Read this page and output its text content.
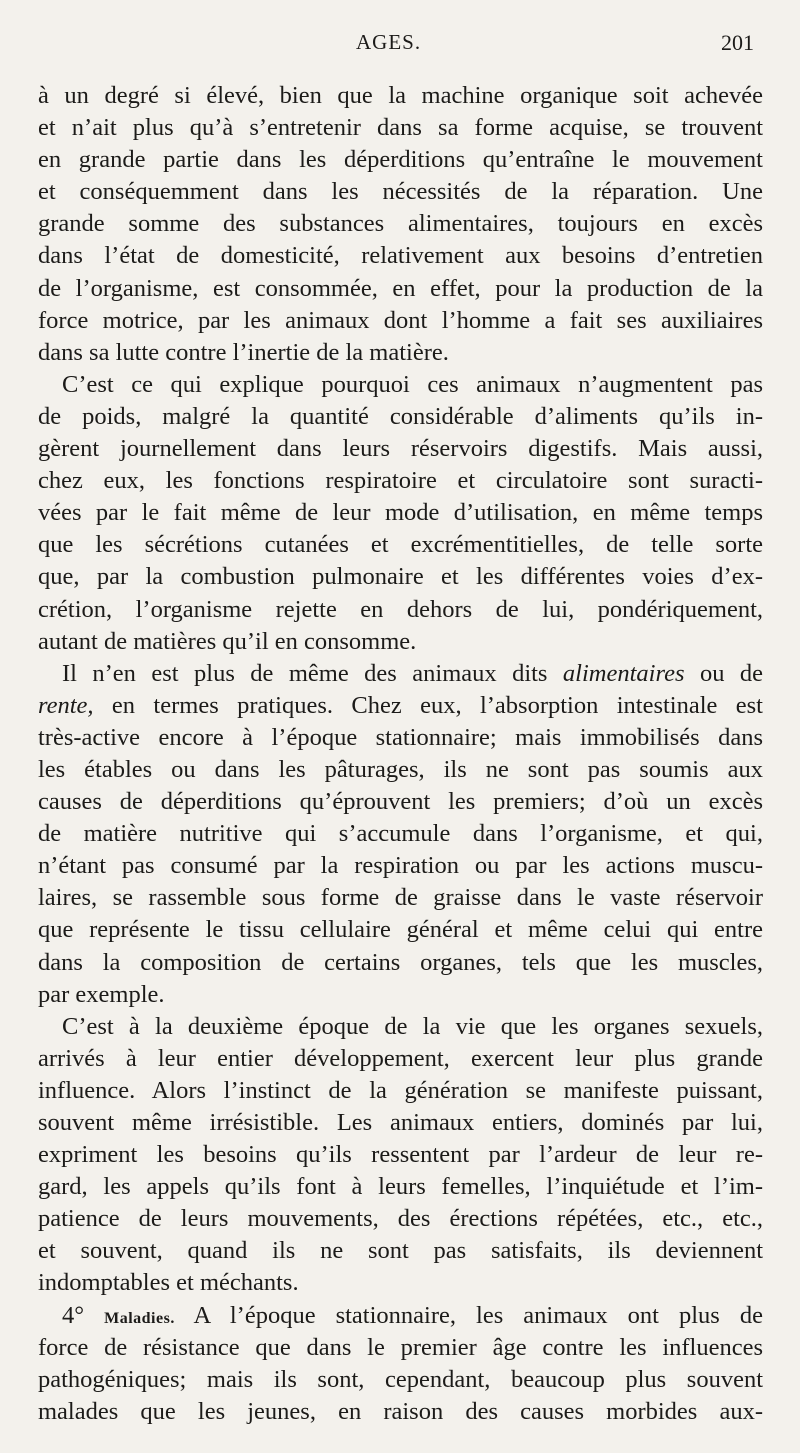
AGES.	201
à un degré si élevé, bien que la machine organique soit achevée
et n’ait plus qu’à s’entretenir dans sa forme acquise, se trouvent
en grande partie dans les déperditions qu’entraîne le mouvement
et conséquemment dans les nécessités de la réparation. Une
grande somme des substances alimentaires, toujours en excès
dans l’état de domesticité, relativement aux besoins d’entretien
de l’organisme, est consommée, en effet, pour la production de la
force motrice, par les animaux dont l’homme a fait ses auxiliaires
dans sa lutte contre l’inertie de la matière.
C’est ce qui explique pourquoi ces animaux n’augmentent pas
de poids, malgré la quantité considérable d’aliments qu’ils in-
gèrent journellement dans leurs réservoirs digestifs. Mais aussi,
chez eux, les fonctions respiratoire et circulatoire sont suracti-
vées par le fait même de leur mode d’utilisation, en même temps
que les sécrétions cutanées et excrémentitielles, de telle sorte
que, par la combustion pulmonaire et les différentes voies d’ex-
crétion, l’organisme rejette en dehors de lui, pondériquement,
autant de matières qu’il en consomme.
Il n’en est plus de même des animaux dits alimentaires ou de
rente, en termes pratiques. Chez eux, l’absorption intestinale est
très-active encore à l’époque stationnaire; mais immobilisés dans
les étables ou dans les pâturages, ils ne sont pas soumis aux
causes de déperditions qu’éprouvent les premiers; d’où un excès
de matière nutritive qui s’accumule dans l’organisme, et qui,
n’étant pas consumé par la respiration ou par les actions muscu-
laires, se rassemble sous forme de graisse dans le vaste réservoir
que représente le tissu cellulaire général et même celui qui entre
dans la composition de certains organes, tels que les muscles,
par exemple.
C’est à la deuxième époque de la vie que les organes sexuels,
arrivés à leur entier développement, exercent leur plus grande
influence. Alors l’instinct de la génération se manifeste puissant,
souvent même irrésistible. Les animaux entiers, dominés par lui,
expriment les besoins qu’ils ressentent par l’ardeur de leur re-
gard, les appels qu’ils font à leurs femelles, l’inquiétude et l’im-
patience de leurs mouvements, des érections répétées, etc., etc.,
et souvent, quand ils ne sont pas satisfaits, ils deviennent
indomptables et méchants.
4° Maladies. A l’époque stationnaire, les animaux ont plus de
force de résistance que dans le premier âge contre les influences
pathogéniques; mais ils sont, cependant, beaucoup plus souvent
malades que les jeunes, en raison des causes morbides aux-
